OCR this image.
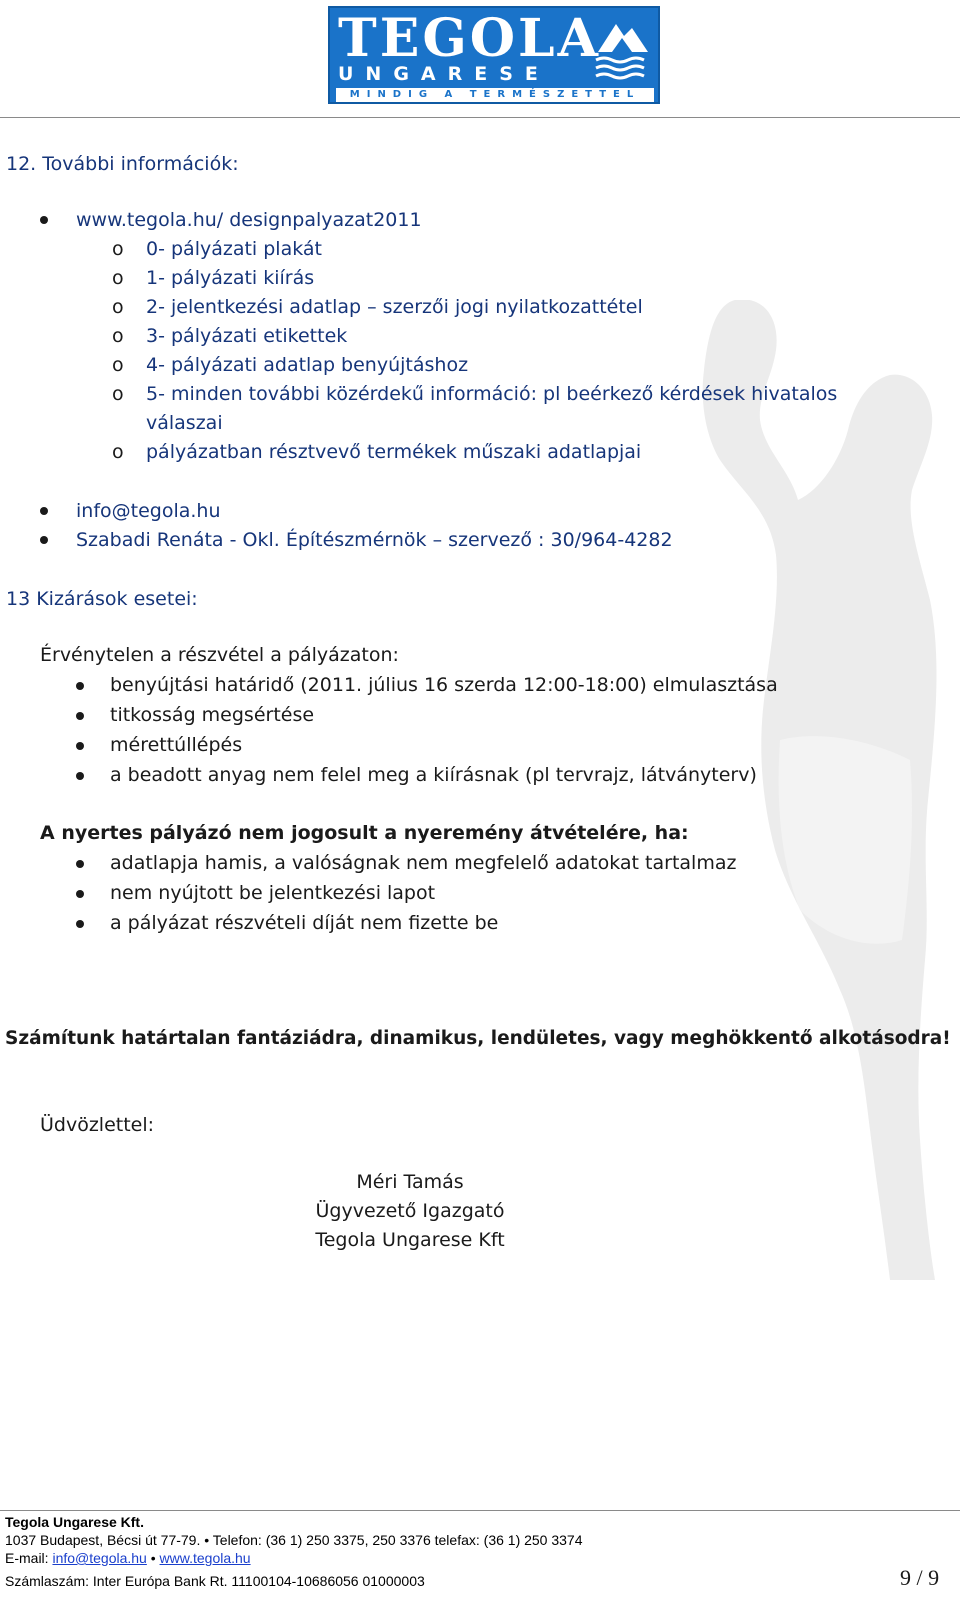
TEGOLA
UNGARESE
MINDIG A TERMÉSZETTEL
12. További információk:
www.tegola.hu/ designpalyazat2011
o 0- pályázati plakát
o 1- pályázati kiírás
o 2- jelentkezési adatlap – szerzői jogi nyilatkozattétel
o 3- pályázati etikettek
o 4- pályázati adatlap benyújtáshoz
o 5- minden további közérdekű információ: pl beérkező kérdések hivatalos
válaszai
o pályázatban résztvevő termékek műszaki adatlapjai
info@tegola.hu
Szabadi Renáta - Okl. Építészmérnök – szervező : 30/964-4282
13 Kizárások esetei:
Érvénytelen a részvétel a pályázaton:
benyújtási határidő (2011. július 16 szerda 12:00-18:00) elmulasztása
titkosság megsértése
mérettúllépés
a beadott anyag nem felel meg a kiírásnak (pl tervrajz, látványterv)
A nyertes pályázó nem jogosult a nyeremény átvételére, ha:
adatlapja hamis, a valóságnak nem megfelelő adatokat tartalmaz
nem nyújtott be jelentkezési lapot
a pályázat részvételi díját nem fizette be
Számítunk határtalan fantáziádra, dinamikus, lendületes, vagy meghökkentő alkotásodra!
Üdvözlettel:
Méri Tamás
Ügyvezető Igazgató
Tegola Ungarese Kft
Tegola Ungarese Kft.
1037 Budapest, Bécsi út 77-79. • Telefon: (36 1) 250 3375, 250 3376 telefax: (36 1) 250 3374
E-mail: info@tegola.hu • www.tegola.hu
Számlaszám: Inter Európa Bank Rt. 11100104-10686056 01000003	9 / 9
